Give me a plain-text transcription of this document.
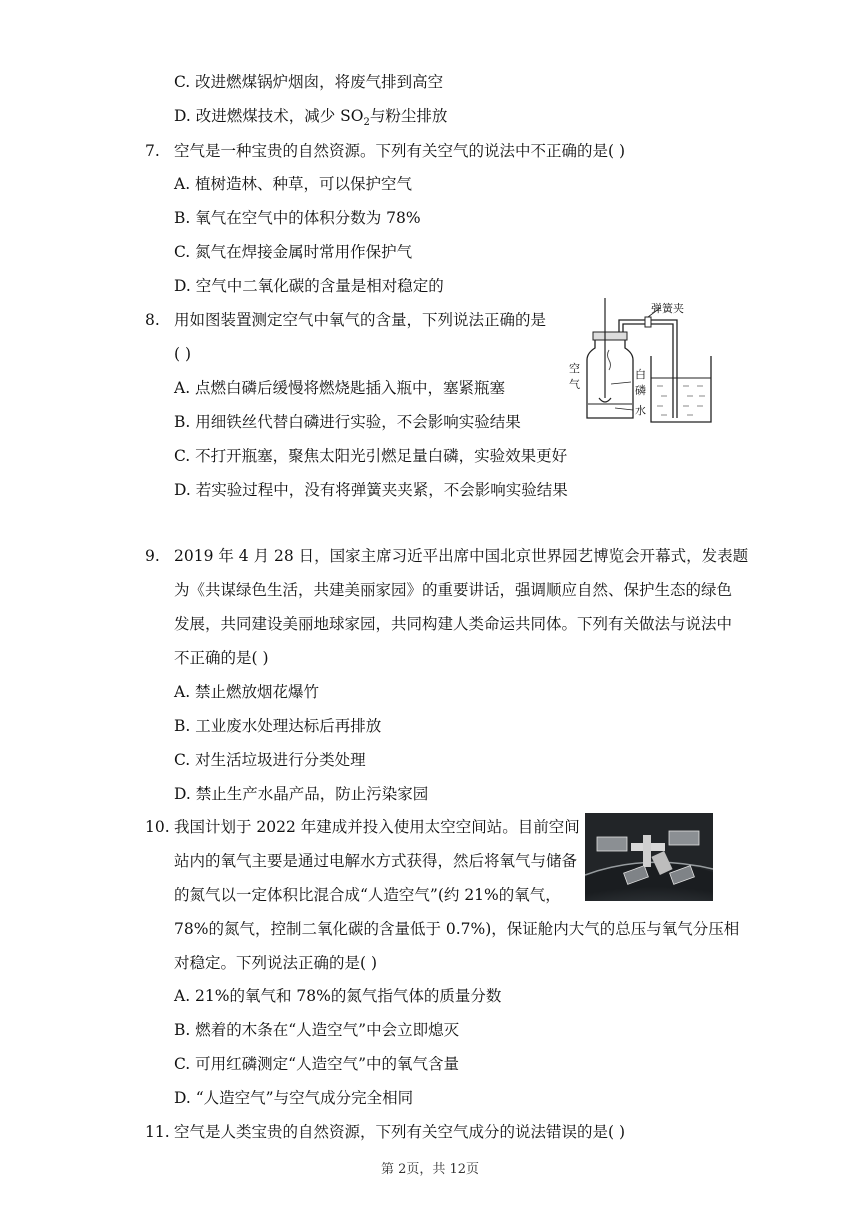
C. 改进燃煤锅炉烟囱，将废气排到高空
D. 改进燃煤技术，减少 $SO_2$与粉尘排放
7. 空气是一种宝贵的自然资源。下列有关空气的说法中不正确的是( )
A. 植树造林、种草，可以保护空气
B. 氧气在空气中的体积分数为 78%
C. 氮气在焊接金属时常用作保护气
D. 空气中二氧化碳的含量是相对稳定的
8. 用如图装置测定空气中氧气的含量，下列说法正确的是
( )
A. 点燃白磷后缓慢将燃烧匙插入瓶中，塞紧瓶塞
B. 用细铁丝代替白磷进行实验，不会影响实验结果
C. 不打开瓶塞，聚焦太阳光引燃足量白磷，实验效果更好
D. 若实验过程中，没有将弹簧夹夹紧，不会影响实验结果
弹簧夹
空
气
白
磷
水
9. 2019 年 4 月 28 日，国家主席习近平出席中国北京世界园艺博览会开幕式，发表题
为《共谋绿色生活，共建美丽家园》的重要讲话，强调顺应自然、保护生态的绿色
发展，共同建设美丽地球家园，共同构建人类命运共同体。下列有关做法与说法中
不正确的是( )
A. 禁止燃放烟花爆竹
B. 工业废水处理达标后再排放
C. 对生活垃圾进行分类处理
D. 禁止生产水晶产品，防止污染家园
10. 我国计划于 2022 年建成并投入使用太空空间站。目前空间
站内的氧气主要是通过电解水方式获得，然后将氧气与储备
的氮气以一定体积比混合成“人造空气”(约 21%的氧气，
78%的氮气，控制二氧化碳的含量低于 0.7%)，保证舱内大气的总压与氧气分压相
对稳定。下列说法正确的是( )
A. 21%的氧气和 78%的氮气指气体的质量分数
B. 燃着的木条在“人造空气”中会立即熄灭
C. 可用红磷测定“人造空气”中的氧气含量
D. “人造空气”与空气成分完全相同
11. 空气是人类宝贵的自然资源，下列有关空气成分的说法错误的是( )
第 2页，共 12页
